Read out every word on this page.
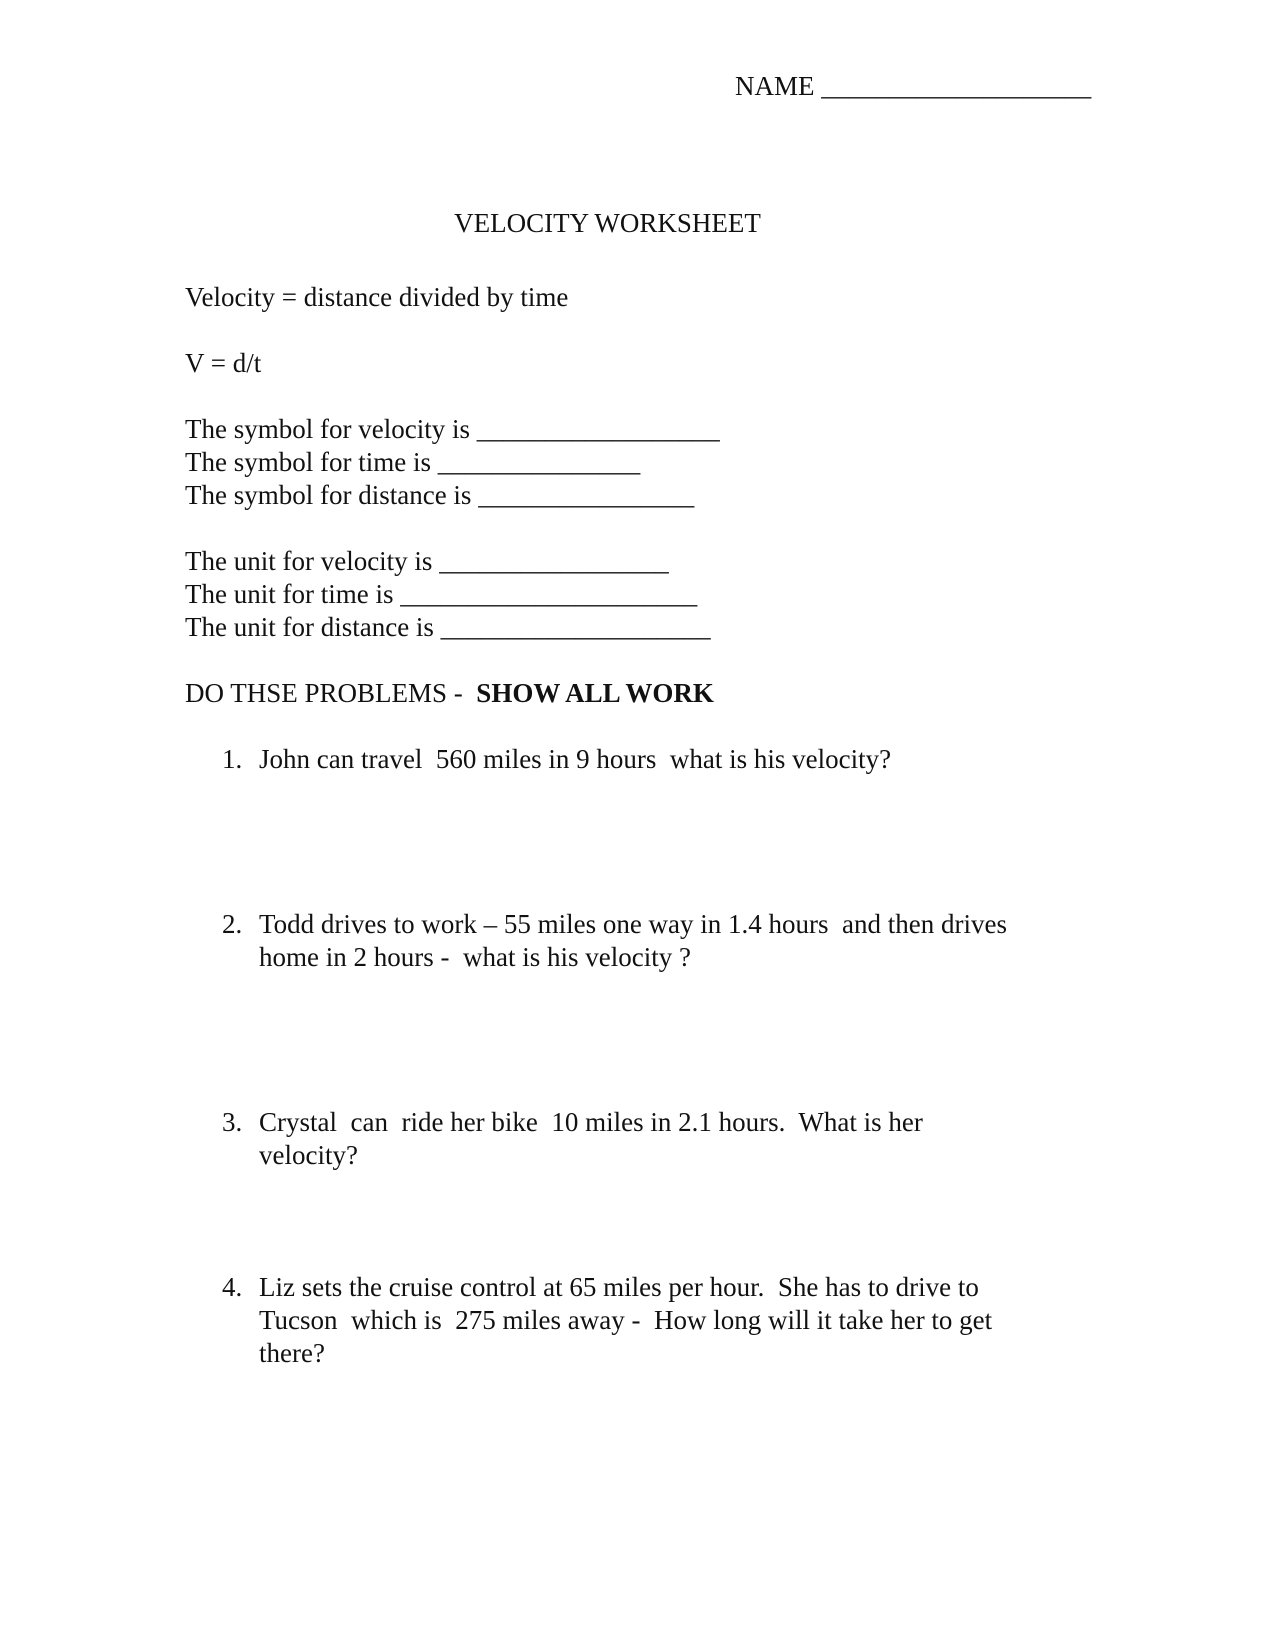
NAME ____________________
VELOCITY WORKSHEET
Velocity = distance divided by time
V = d/t
The symbol for velocity is __________________
The symbol for time is _______________
The symbol for distance is ________________
The unit for velocity is _________________
The unit for time is ______________________
The unit for distance is ____________________
DO THSE PROBLEMS -  SHOW ALL WORK
1. John can travel  560 miles in 9 hours  what is his velocity?
2. Todd drives to work – 55 miles one way in 1.4 hours  and then drives
home in 2 hours -  what is his velocity ?
3. Crystal  can  ride her bike  10 miles in 2.1 hours.  What is her
velocity?
4. Liz sets the cruise control at 65 miles per hour.  She has to drive to
Tucson  which is  275 miles away -  How long will it take her to get
there?
